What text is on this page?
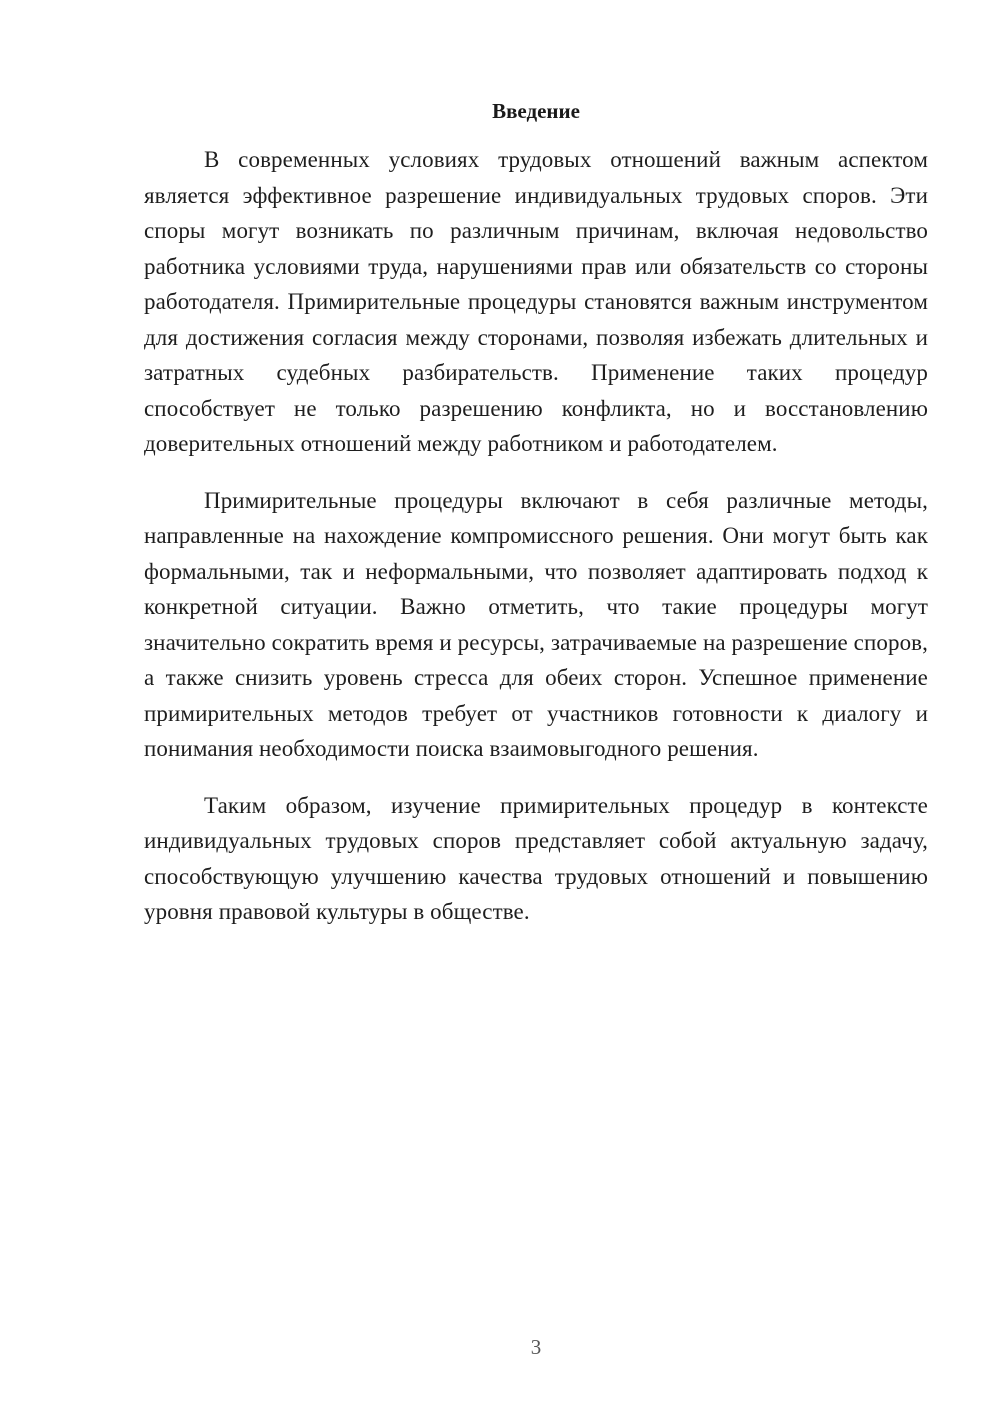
Введение

В современных условиях трудовых отношений важным аспектом является эффективное разрешение индивидуальных трудовых споров. Эти споры могут возникать по различным причинам, включая недовольство работника условиями труда, нарушениями прав или обязательств со стороны работодателя. Примирительные процедуры становятся важным инструментом для достижения согласия между сторонами, позволяя избежать длительных и затратных судебных разбирательств. Применение таких процедур способствует не только разрешению конфликта, но и восстановлению доверительных отношений между работником и работодателем.

Примирительные процедуры включают в себя различные методы, направленные на нахождение компромиссного решения. Они могут быть как формальными, так и неформальными, что позволяет адаптировать подход к конкретной ситуации. Важно отметить, что такие процедуры могут значительно сократить время и ресурсы, затрачиваемые на разрешение споров, а также снизить уровень стресса для обеих сторон. Успешное применение примирительных методов требует от участников готовности к диалогу и понимания необходимости поиска взаимовыгодного решения.

Таким образом, изучение примирительных процедур в контексте индивидуальных трудовых споров представляет собой актуальную задачу, способствующую улучшению качества трудовых отношений и повышению уровня правовой культуры в обществе.

3
